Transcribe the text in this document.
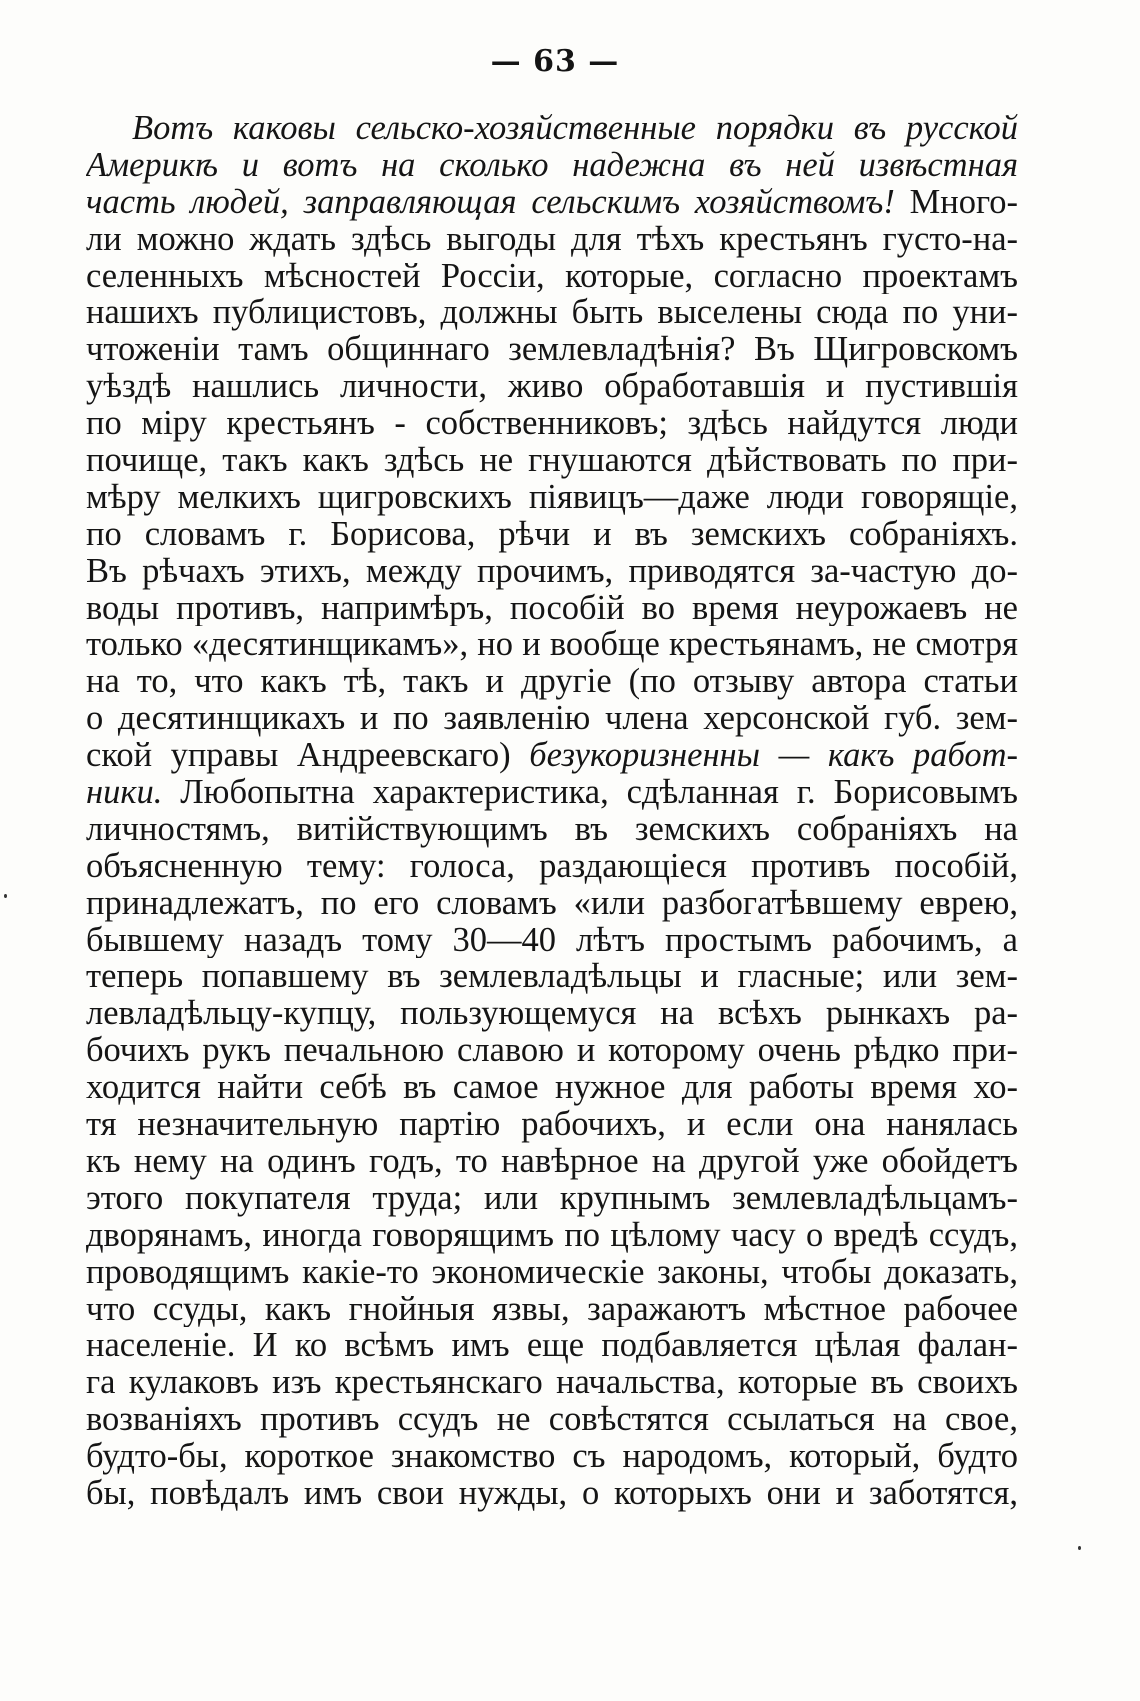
— 63 —
Вотъ каковы сельско-хозяйственные порядки въ русской
Америкѣ и вотъ на сколько надежна въ ней извѣстная
часть людей, заправляющая сельскимъ хозяйствомъ! Много-
ли можно ждать здѣсь выгоды для тѣхъ крестьянъ густо-на-
селенныхъ мѣсностей Россіи, которые, согласно проектамъ
нашихъ публицистовъ, должны быть выселены сюда по уни-
чтоженіи тамъ общиннаго землевладѣнія? Въ Щигровскомъ
уѣздѣ нашлись личности, живо обработавшія и пустившія
по міру крестьянъ - собственниковъ; здѣсь найдутся люди
почище, такъ какъ здѣсь не гнушаются дѣйствовать по при-
мѣру мелкихъ щигровскихъ піявицъ—даже люди говорящіе,
по словамъ г. Борисова, рѣчи и въ земскихъ собраніяхъ.
Въ рѣчахъ этихъ, между прочимъ, приводятся за-частую до-
воды противъ, напримѣръ, пособій во время неурожаевъ не
только «десятинщикамъ», но и вообще крестьянамъ, не смотря
на то, что какъ тѣ, такъ и другіе (по отзыву автора статьи
о десятинщикахъ и по заявленію члена херсонской губ. зем-
ской управы Андреевскаго) безукоризненны — какъ работ-
ники. Любопытна характеристика, сдѣланная г. Борисовымъ
личностямъ, витійствующимъ въ земскихъ собраніяхъ на
объясненную тему: голоса, раздающіеся противъ пособій,
принадлежатъ, по его словамъ «или разбогатѣвшему еврею,
бывшему назадъ тому 30—40 лѣтъ простымъ рабочимъ, а
теперь попавшему въ землевладѣльцы и гласные; или зем-
левладѣльцу-купцу, пользующемуся на всѣхъ рынкахъ ра-
бочихъ рукъ печальною славою и которому очень рѣдко при-
ходится найти себѣ въ самое нужное для работы время хо-
тя незначительную партію рабочихъ, и если она нанялась
къ нему на одинъ годъ, то навѣрное на другой уже обойдетъ
этого покупателя труда; или крупнымъ землевладѣльцамъ-
дворянамъ, иногда говорящимъ по цѣлому часу о вредѣ ссудъ,
проводящимъ какіе-то экономическіе законы, чтобы доказать,
что ссуды, какъ гнойныя язвы, заражаютъ мѣстное рабочее
населеніе. И ко всѣмъ имъ еще подбавляется цѣлая фалан-
га кулаковъ изъ крестьянскаго начальства, которые въ своихъ
возваніяхъ противъ ссудъ не совѣстятся ссылаться на свое,
будто-бы, короткое знакомство съ народомъ, который, будто
бы, повѣдалъ имъ свои нужды, о которыхъ они и заботятся,
